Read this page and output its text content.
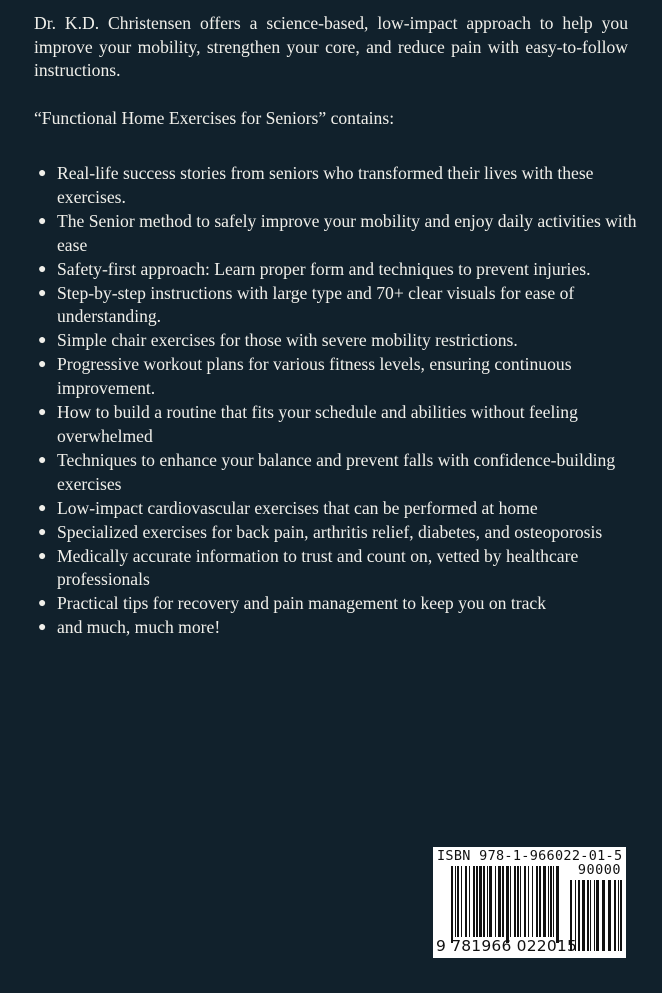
Dr. K.D. Christensen offers a science-based, low-impact approach to help you improve your mobility, strengthen your core, and reduce pain with easy-to-follow instructions.

“Functional Home Exercises for Seniors” contains:

● Real-life success stories from seniors who transformed their lives with these exercises.
● The Senior method to safely improve your mobility and enjoy daily activities with ease
● Safety-first approach: Learn proper form and techniques to prevent injuries.
● Step-by-step instructions with large type and 70+ clear visuals for ease of understanding.
● Simple chair exercises for those with severe mobility restrictions.
● Progressive workout plans for various fitness levels, ensuring continuous improvement.
● How to build a routine that fits your schedule and abilities without feeling overwhelmed
● Techniques to enhance your balance and prevent falls with confidence-building exercises
● Low-impact cardiovascular exercises that can be performed at home
● Specialized exercises for back pain, arthritis relief, diabetes, and osteoporosis
● Medically accurate information to trust and count on, vetted by healthcare professionals
● Practical tips for recovery and pain management to keep you on track
● and much, much more!
ISBN 978-1-966022-01-5
90000
9 781966 022015
